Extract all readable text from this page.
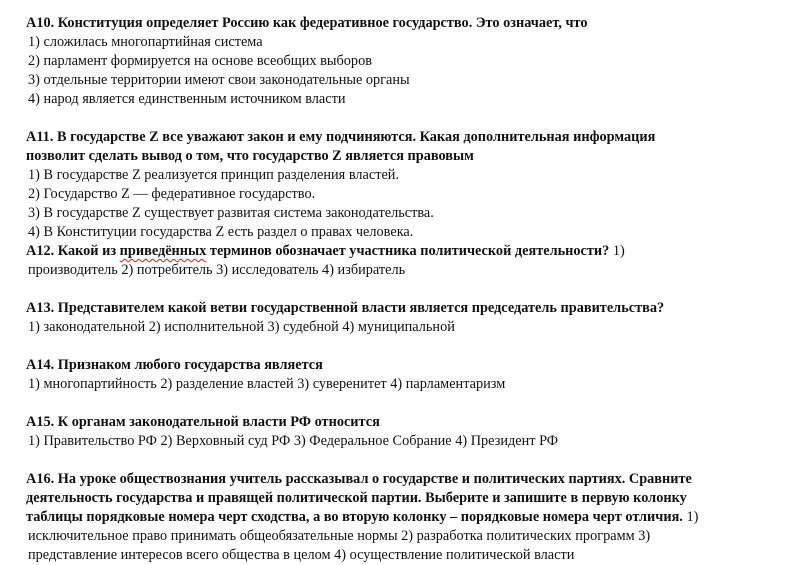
А10. Конституция определяет Россию как федеративное государство. Это означает, что

1) сложилась многопартийная система

2) парламент формируется на основе всеобщих выборов

3) отдельные территории имеют свои законодательные органы

4) народ является единственным источником власти

А11. В государстве Z все уважают закон и ему подчиняются. Какая дополнительная информация

позволит сделать вывод о том, что государство Z является правовым

1) В государстве Z реализуется принцип разделения властей.

2) Государство Z — федеративное государство.

3) В государстве Z существует развитая система законодательства.

4) В Конституции государства Z есть раздел о правах человека.

А12. Какой из приведённых терминов обозначает участника политической деятельности? 1)

производитель 2) потребитель 3) исследователь 4) избиратель

А13. Представителем какой ветви государственной власти является председатель правительства?

1) законодательной 2) исполнительной 3) судебной 4) муниципальной

А14. Признаком любого государства является

1) многопартийность 2) разделение властей 3) суверенитет 4) парламентаризм

А15. К органам законодательной власти РФ относится

1) Правительство РФ 2) Верховный суд РФ 3) Федеральное Собрание 4) Президент РФ

А16. На уроке обществознания учитель рассказывал о государстве и политических партиях. Сравните

деятельность государства и правящей политической партии. Выберите и запишите в первую колонку

таблицы порядковые номера черт сходства, а во вторую колонку – порядковые номера черт отличия. 1)

исключительное право принимать общеобязательные нормы 2) разработка политических программ 3)

представление интересов всего общества в целом 4) осуществление политической власти
